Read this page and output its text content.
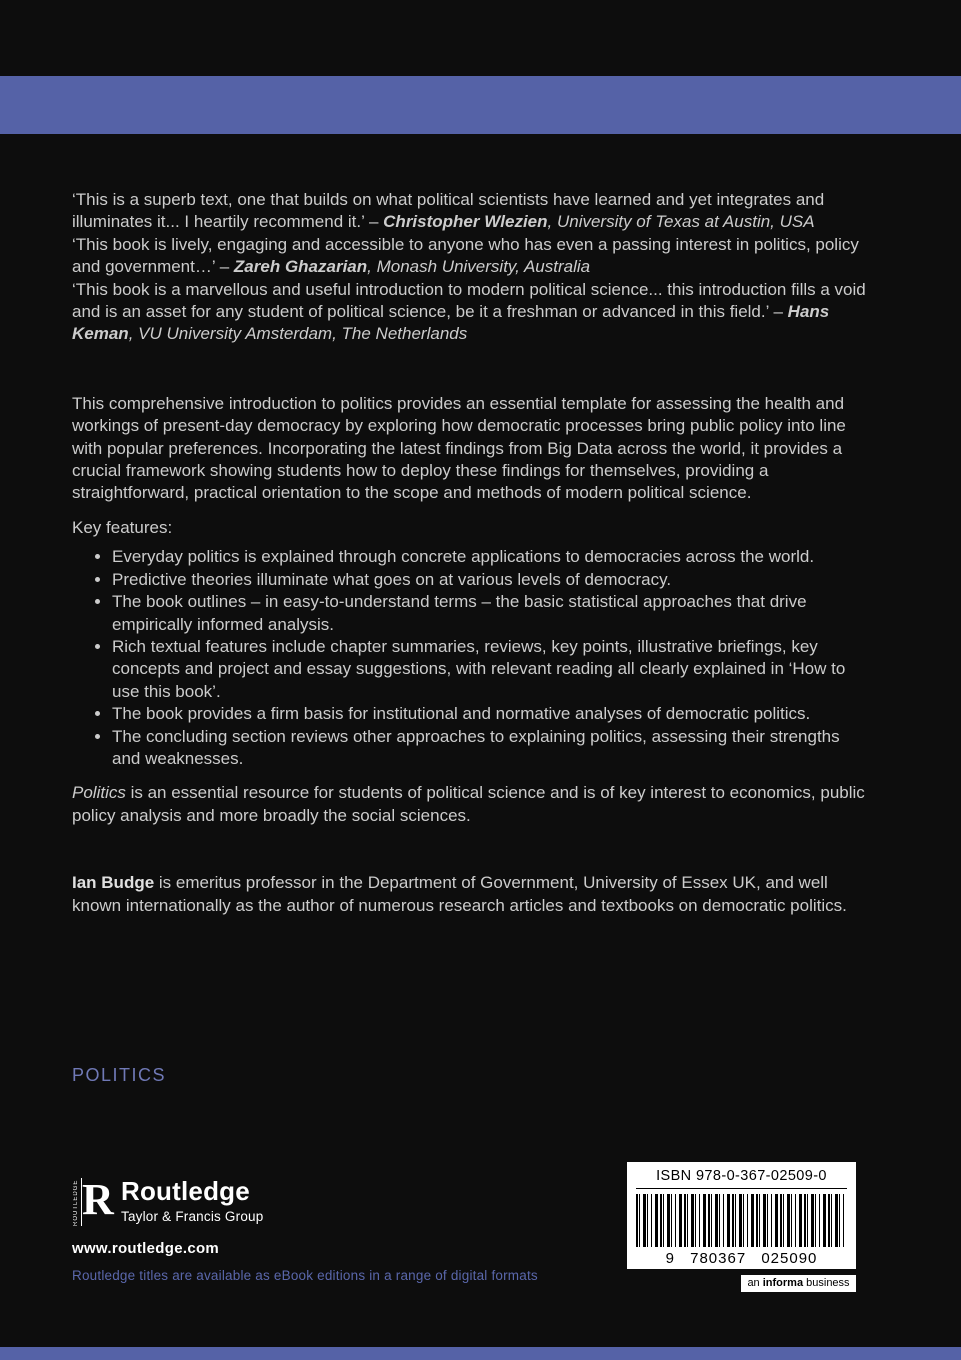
‘This is a superb text, one that builds on what political scientists have learned and yet integrates and illuminates it... I heartily recommend it.’ – Christopher Wlezien, University of Texas at Austin, USA

‘This book is lively, engaging and accessible to anyone who has even a passing interest in politics, policy and government…’ – Zareh Ghazarian, Monash University, Australia

‘This book is a marvellous and useful introduction to modern political science... this introduction fills a void and is an asset for any student of political science, be it a freshman or advanced in this field.’ – Hans Keman, VU University Amsterdam, The Netherlands

This comprehensive introduction to politics provides an essential template for assessing the health and workings of present-day democracy by exploring how democratic processes bring public policy into line with popular preferences. Incorporating the latest findings from Big Data across the world, it provides a crucial framework showing students how to deploy these findings for themselves, providing a straightforward, practical orientation to the scope and methods of modern political science.

Key features:

• Everyday politics is explained through concrete applications to democracies across the world.
• Predictive theories illuminate what goes on at various levels of democracy.
• The book outlines – in easy-to-understand terms – the basic statistical approaches that drive empirically informed analysis.
• Rich textual features include chapter summaries, reviews, key points, illustrative briefings, key concepts and project and essay suggestions, with relevant reading all clearly explained in ‘How to use this book’.
• The book provides a firm basis for institutional and normative analyses of democratic politics.
• The concluding section reviews other approaches to explaining politics, assessing their strengths and weaknesses.

Politics is an essential resource for students of political science and is of key interest to economics, public policy analysis and more broadly the social sciences.

Ian Budge is emeritus professor in the Department of Government, University of Essex UK, and well known internationally as the author of numerous research articles and textbooks on democratic politics.

POLITICS
ROUTLEDGE R Routledge
Taylor & Francis Group
www.routledge.com
Routledge titles are available as eBook editions in a range of digital formats
ISBN 978-0-367-02509-0
9 780367 025090
an informa business
